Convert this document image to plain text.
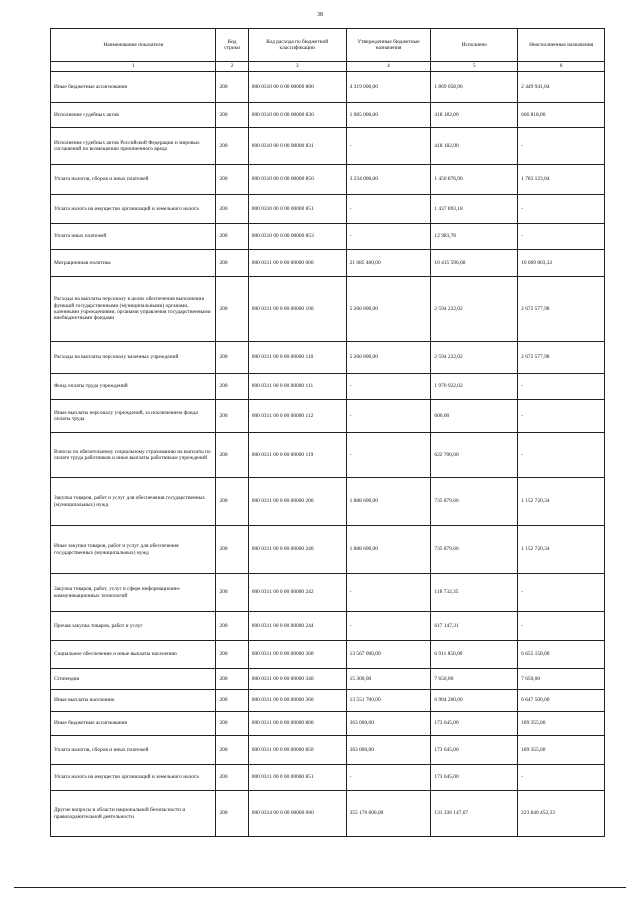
38
Наименование показателя	Код строки	Код расхода по бюджетной классификации	Утвержденные бюджетные назначения	Исполнено	Неисполненные назначения
1	2	3	4	5	6
Иные бюджетные ассигнования	200	000 0310 00 0 00 00000 800	4 319 000,00	1 869 058,96	2 449 941,04
Исполнение судебных актов	200	000 0310 00 0 00 00000 830	1 085 000,00	418 182,00	666 818,00
Исполнение судебных актов Российской Федерации и мировых соглашений по возмещению причиненного вреда	200	000 0310 00 0 00 00000 831	-	418 182,00	-
Уплата налогов, сборов и иных платежей	200	000 0310 00 0 00 00000 850	3 234 000,00	1 450 876,96	1 783 123,04
Уплата налога на имущество организаций и земельного налога	200	000 0310 00 0 00 00000 851	-	1 437 893,18	-
Уплата иных платежей	200	000 0310 00 0 00 00000 853	-	12 983,78	-
Миграционная политика	200	000 0311 00 0 00 00000 000	21 085 400,00	10 415 596,68	10 669 803,32
Расходы на выплаты персоналу в целях обеспечения выполнения функций государственными (муниципальными) органами, казенными учреждениями, органами управления государственными внебюджетными фондами	200	000 0311 00 0 00 00000 100	5 266 800,00	2 594 222,02	2 672 577,98
Расходы на выплаты персоналу казенных учреждений	200	000 0311 00 0 00 00000 110	5 266 800,00	2 594 222,02	2 672 577,98
Фонд оплаты труда учреждений	200	000 0311 00 0 00 00000 111	-	1 970 922,02	-
Иные выплаты персоналу учреждений, за исключением фонда оплаты труда	200	000 0311 00 0 00 00000 112	-	600,00	-
Взносы по обязательному социальному страхованию на выплаты по оплате труда работников и иные выплаты работникам учреждений	200	000 0311 00 0 00 00000 119	-	622 700,00	-
Закупка товаров, работ и услуг для обеспечения государственных (муниципальных) нужд	200	000 0311 00 0 00 00000 200	1 888 600,00	735 879,66	1 152 720,34
Иные закупки товаров, работ и услуг для обеспечения государственных (муниципальных) нужд	200	000 0311 00 0 00 00000 240	1 888 600,00	735 879,66	1 152 720,34
Закупка товаров, работ, услуг в сфере информационно-коммуникационных технологий	200	000 0311 00 0 00 00000 242	-	118 732,35	-
Прочая закупка товаров, работ и услуг	200	000 0311 00 0 00 00000 244	-	617 147,31	-
Социальное обеспечение и иные выплаты населению	200	000 0311 00 0 00 00000 300	13 567 000,00	6 911 850,00	6 655 150,00
Стипендии	200	000 0311 00 0 00 00000 340	15 300,00	7 650,00	7 650,00
Иные выплаты населению	200	000 0311 00 0 00 00000 360	13 551 700,00	6 904 200,00	6 647 500,00
Иные бюджетные ассигнования	200	000 0311 00 0 00 00000 800	363 000,00	173 645,00	189 355,00
Уплата налогов, сборов и иных платежей	200	000 0311 00 0 00 00000 850	363 000,00	173 645,00	189 355,00
Уплата налога на имущество организаций и земельного налога	200	000 0311 00 0 00 00000 851	-	173 645,00	-
Другие вопросы в области национальной безопасности и правоохранительной деятельности	200	000 0314 00 0 00 00000 000	355 176 600,00	131 336 147,67	223 840 452,33
